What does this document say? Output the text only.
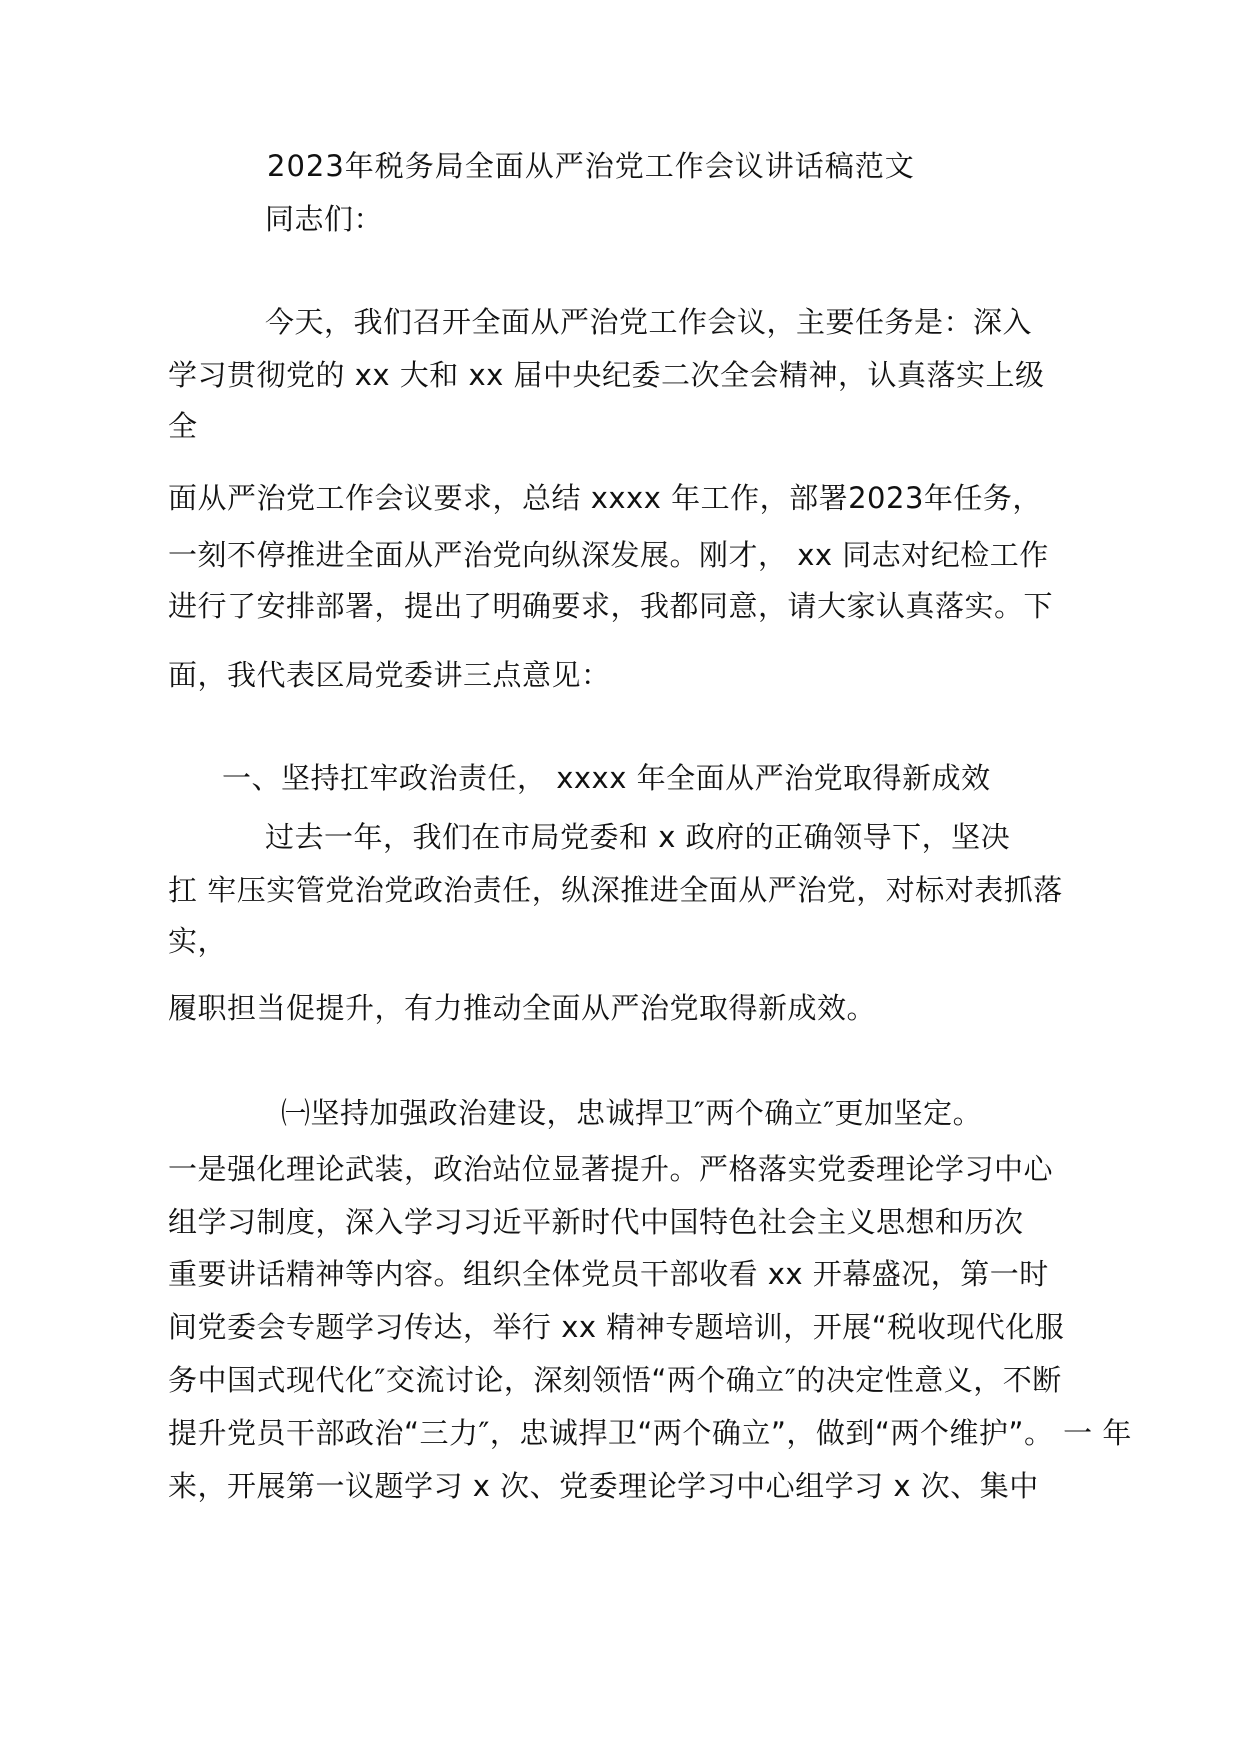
2023年税务局全面从严治党工作会议讲话稿范文
同志们：
今天，我们召开全面从严治党工作会议，主要任务是：深入
学习贯彻党的 xx 大和 xx 届中央纪委二次全会精神，认真落实上级
全
面从严治党工作会议要求，总结 xxxx 年工作，部署2023年任务，
一刻不停推进全面从严治党向纵深发展。刚才， xx 同志对纪检工作
进行了安排部署，提出了明确要求，我都同意，请大家认真落实。下
面，我代表区局党委讲三点意见：
一、坚持扛牢政治责任， xxxx 年全面从严治党取得新成效
过去一年，我们在市局党委和 x 政府的正确领导下，坚决
扛 牢压实管党治党政治责任，纵深推进全面从严治党，对标对表抓落
实，
履职担当促提升，有力推动全面从严治党取得新成效。
㈠坚持加强政治建设，忠诚捍卫″两个确立″更加坚定。
一是强化理论武装，政治站位显著提升。严格落实党委理论学习中心
组学习制度，深入学习习近平新时代中国特色社会主义思想和历次
重要讲话精神等内容。组织全体党员干部收看 xx 开幕盛况，第一时
间党委会专题学习传达，举行 xx 精神专题培训，开展“税收现代化服
务中国式现代化″交流讨论，深刻领悟“两个确立″的决定性意义，不断
提升党员干部政治“三力″，忠诚捍卫“两个确立”，做到“两个维护”。 一 年
来，开展第一议题学习 x 次、党委理论学习中心组学习 x 次、集中
